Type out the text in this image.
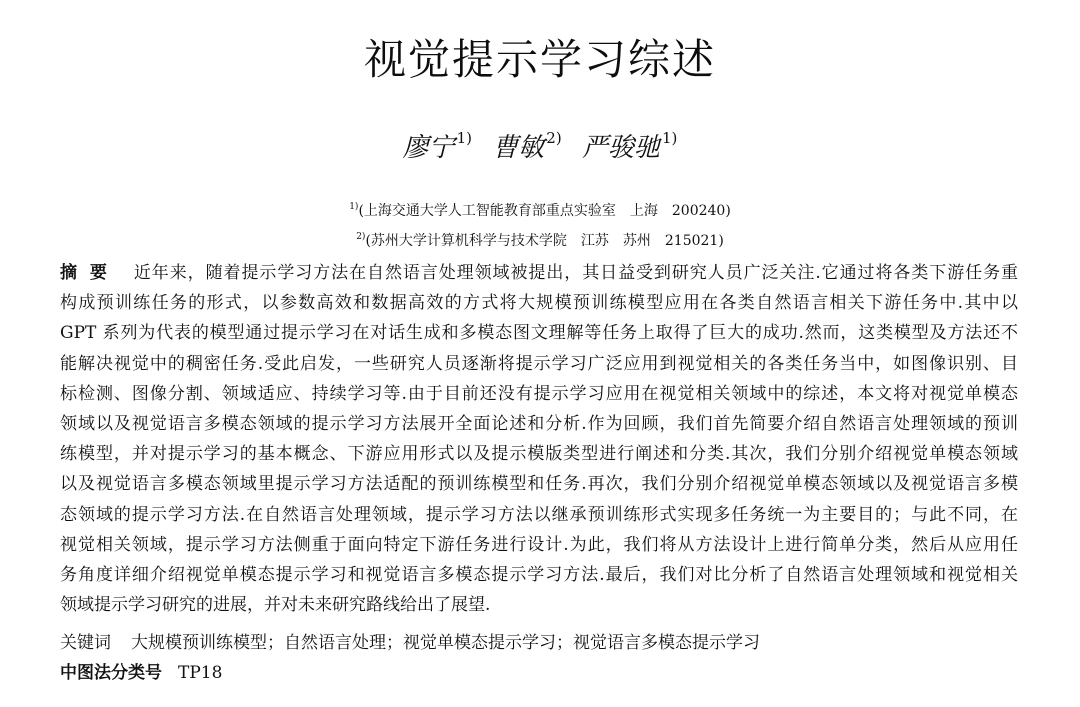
视觉提示学习综述
廖宁 $^{1)}$ 曹敏 $^{2)}$ 严骏驰 $^{1)}$
$^{1)}$(上海交通大学人工智能教育部重点实验室　上海　200240)
$^{2)}$(苏州大学计算机科学与技术学院　江苏　苏州　215021)
摘要 近年来，随着提示学习方法在自然语言处理领域被提出，其日益受到研究人员广泛关注.它通过将各类下游任务重
构成预训练任务的形式，以参数高效和数据高效的方式将大规模预训练模型应用在各类自然语言相关下游任务中.其中以
GPT 系列为代表的模型通过提示学习在对话生成和多模态图文理解等任务上取得了巨大的成功.然而，这类模型及方法还不
能解决视觉中的稠密任务.受此启发，一些研究人员逐渐将提示学习广泛应用到视觉相关的各类任务当中，如图像识别、目
标检测、图像分割、领域适应、持续学习等.由于目前还没有提示学习应用在视觉相关领域中的综述，本文将对视觉单模态
领域以及视觉语言多模态领域的提示学习方法展开全面论述和分析.作为回顾，我们首先简要介绍自然语言处理领域的预训
练模型，并对提示学习的基本概念、下游应用形式以及提示模版类型进行阐述和分类.其次，我们分别介绍视觉单模态领域
以及视觉语言多模态领域里提示学习方法适配的预训练模型和任务.再次，我们分别介绍视觉单模态领域以及视觉语言多模
态领域的提示学习方法.在自然语言处理领域，提示学习方法以继承预训练形式实现多任务统一为主要目的；与此不同，在
视觉相关领域，提示学习方法侧重于面向特定下游任务进行设计.为此，我们将从方法设计上进行简单分类，然后从应用任
务角度详细介绍视觉单模态提示学习和视觉语言多模态提示学习方法.最后，我们对比分析了自然语言处理领域和视觉相关
领域提示学习研究的进展，并对未来研究路线给出了展望.
关键词 大规模预训练模型；自然语言处理；视觉单模态提示学习；视觉语言多模态提示学习
中图法分类号 TP18
